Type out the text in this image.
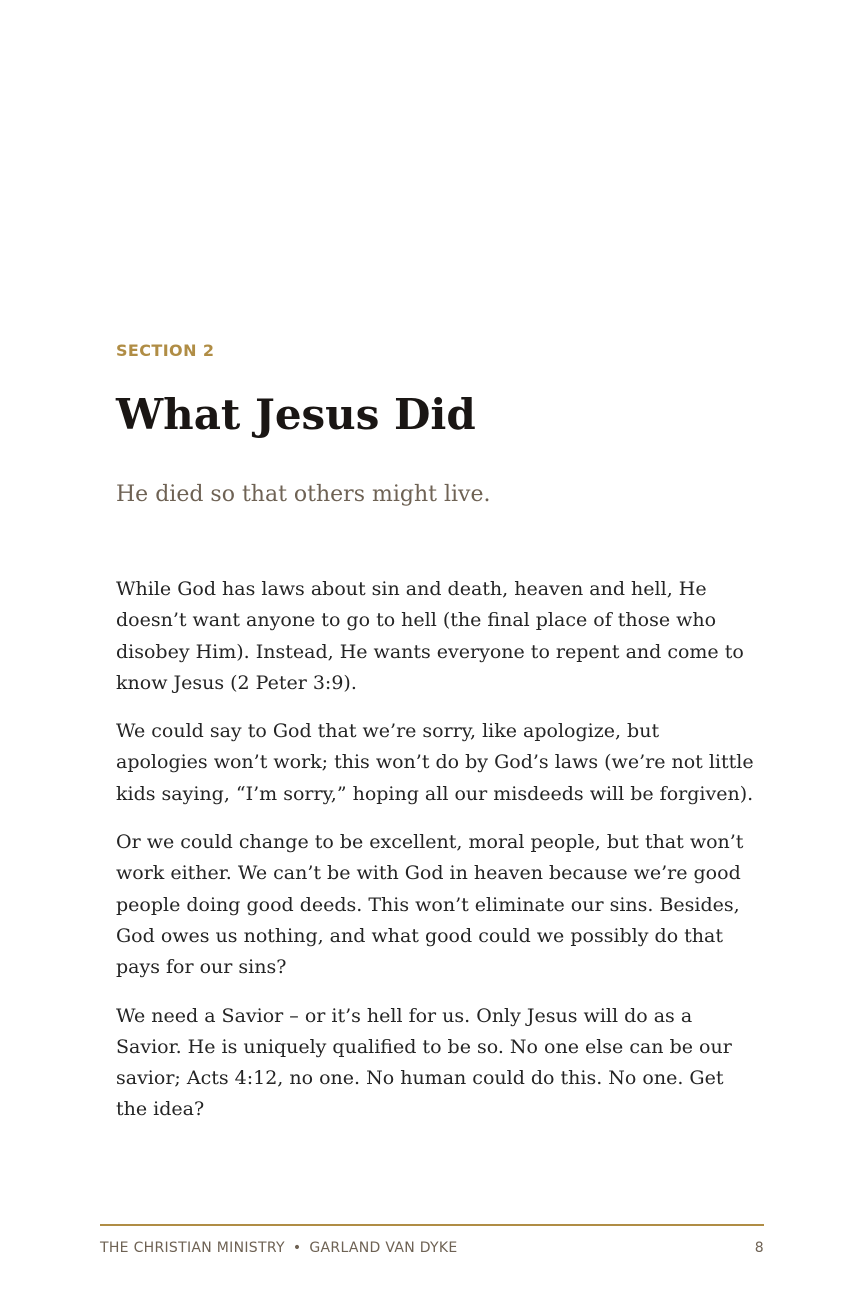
SECTION 2

What Jesus Did

He died so that others might live.

While God has laws about sin and death, heaven and hell, He doesn’t want anyone to go to hell (the final place of those who disobey Him). Instead, He wants everyone to repent and come to know Jesus (2 Peter 3:9).

We could say to God that we’re sorry, like apologize, but apologies won’t work; this won’t do by God’s laws (we’re not little kids saying, “I’m sorry,” hoping all our misdeeds will be forgiven).

Or we could change to be excellent, moral people, but that won’t work either. We can’t be with God in heaven because we’re good people doing good deeds. This won’t eliminate our sins. Besides, God owes us nothing, and what good could we possibly do that pays for our sins?

We need a Savior – or it’s hell for us. Only Jesus will do as a Savior. He is uniquely qualified to be so. No one else can be our savior; Acts 4:12, no one. No human could do this. No one. Get the idea?

THE CHRISTIAN MINISTRY • GARLAND VAN DYKE	8
